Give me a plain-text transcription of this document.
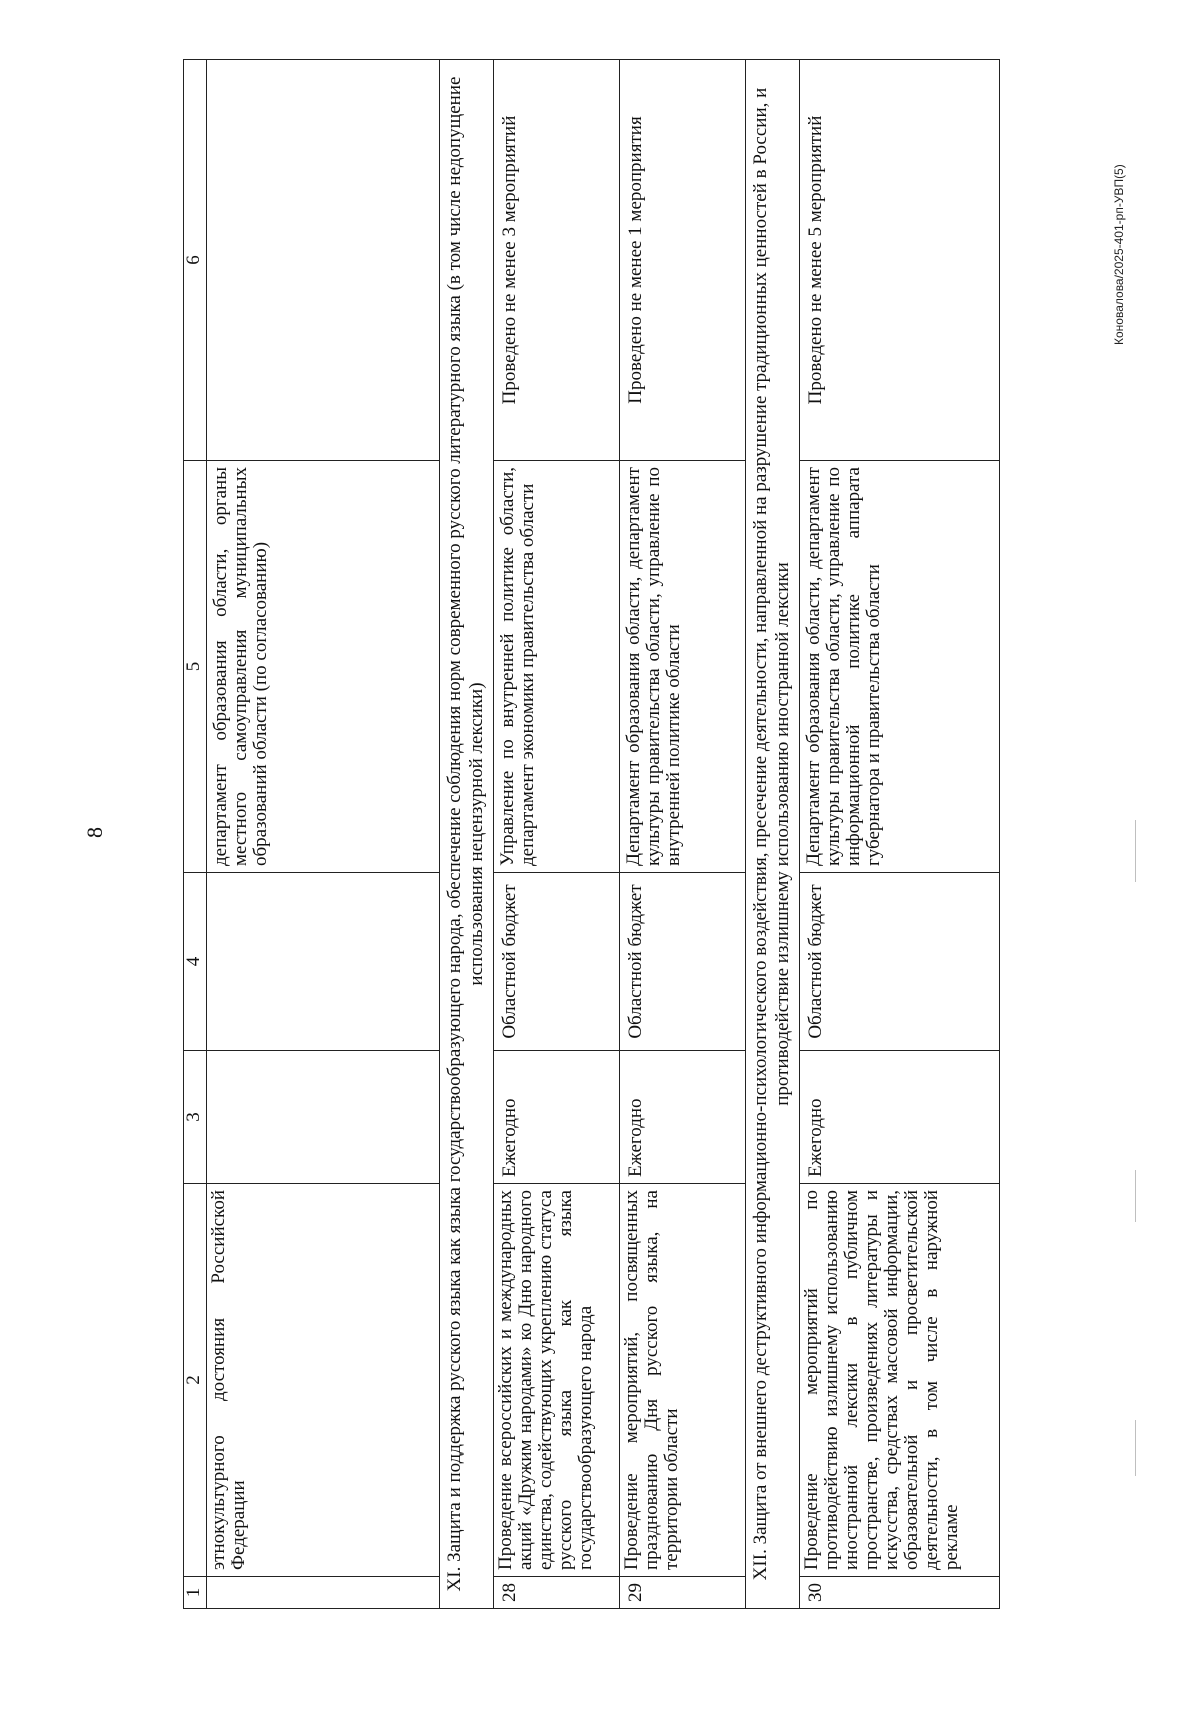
8
1	2	3	4	5	6
	этнокультурного достояния Российской Федерации			департамент образования области, органы местного самоуправления муниципальных образований области (по согласованию)	
XI. Защита и поддержка русского языка как языка государствообразующего народа, обеспечение соблюдения норм современного русского литературного языка (в том числе недопущение использования нецензурной лексики)					
28	Проведение всероссийских и международных акций «Дружим народами» ко Дню народного единства, содействующих укреплению статуса русского языка как языка государствообразующего народа	Ежегодно	Областной бюджет	Управление по внутренней политике области, департамент экономики правительства области	Проведено не менее 3 мероприятий
29	Проведение мероприятий, посвященных празднованию Дня русского языка, на территории области	Ежегодно	Областной бюджет	Департамент образования области, департамент культуры правительства области, управление по внутренней политике области	Проведено не менее 1 мероприятия
XII. Защита от внешнего деструктивного информационно-психологического воздействия, пресечение деятельности, направленной на разрушение традиционных ценностей в России, и противодействие излишнему использованию иностранной лексики					
30	Проведение мероприятий по противодействию излишнему использованию иностранной лексики в публичном пространстве, произведениях литературы и искусства, средствах массовой информации, образовательной и просветительской деятельности, в том числе в наружной рекламе	Ежегодно	Областной бюджет	Департамент образования области, департамент культуры правительства области, управление по информационной политике аппарата губернатора и правительства области	Проведено не менее 5 мероприятий	Коновалова/2025-401-рп-УВП(5)
